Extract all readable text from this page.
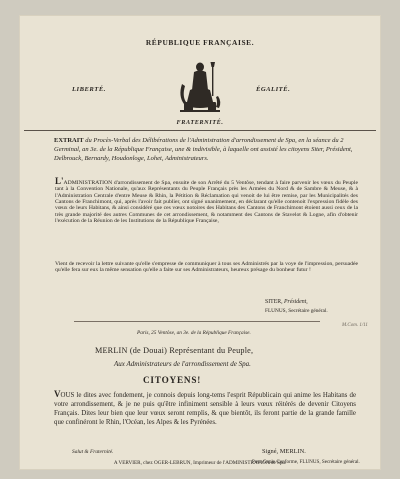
RÉPUBLIQUE FRANÇAISE.
LIBERTÉ.	ÉGALITÉ.
FRATERNITÉ.
EXTRAIT du Procès-Verbal des Délibérations de l'Administration d'arrondissement de Spa, en la séance du 2 Germinal, an 3e. de la République Française, une & indivisible, à laquelle ont assisté les citoyens Siter, Président, Delbrouck, Bernardy, Houdonloge, Lohet, Administrateurs.
L'ADMINISTRATION d'arrondissement de Spa, ensuite de son Arrêté du 5 Ventôse, tendant à faire parvenir les vœux du Peuple tant à la Convention Nationale, qu'aux Représentants du Peuple Français près les Armées du Nord & de Sambre & Meuse, & à l'Administration Centrale d'entre Meuse & Rhin, la Pétition & Réclamation qui venoit de lui être remise, par les Municipalités des Cantons de Franchimont, qui, après l'avoir fait publier, ont signé unanimement, en déclarant qu'elle contenoit l'expression fidèle des vœux de leurs Habitans, & ainsi considéré que ces vœux notoires des Habitans des Cantons de Franchimont étoient aussi ceux de la très grande majorité des autres Communes de cet arrondissement, & notamment des Cantons de Stavelot & Logne, afin d'obtenir l'exécution de la Réunion de les Institutions de la République Française,
Vient de recevoir la lettre suivante qu'elle s'empresse de communiquer à tous ses Administrés par la voye de l'impression, persuadée qu'elle fera sur eux la même sensation qu'elle a faite sur ses Administrateurs, heureux présage du bonheur futur !
SITER, Président,
FLUNUS, Secrétaire général.
M.Com. 1/11
Paris, 25 Ventôse, an 3e. de la République Française.
MERLIN (de Douai) Représentant du Peuple,
Aux Administrateurs de l'arrondissement de Spa.
CITOYENS!
VOUS le dites avec fondement, je connois depuis long-tems l'esprit Républicain qui anime les Habitans de votre arrondissement, & je ne puis qu'être infiniment sensible à leurs vœux réitérés de devenir Citoyens Français. Dites leur bien que leur vœux seront remplis, & que bientôt, ils feront partie de la grande famille que confinéront le Rhin, l'Océan, les Alpes & les Pyrénées.
Salut & Fraternité.	Signé, MERLIN.
Pour Copie Conforme, FLUNUS, Secrétaire général.
A VERVIER, chez OGER-LEBRUN, Imprimeur de l'ADMINISTRATION de Spa.
